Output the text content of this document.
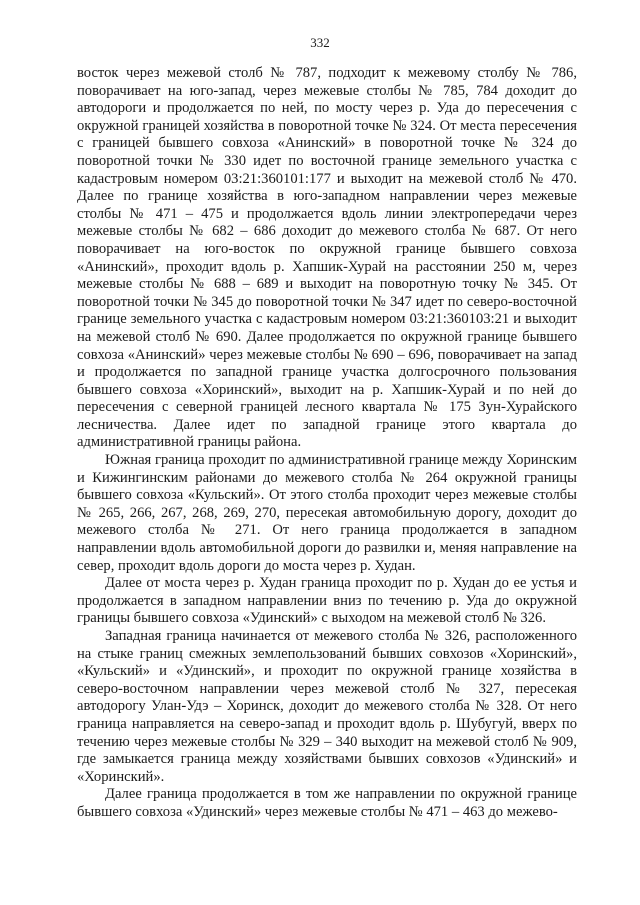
332

восток через межевой столб № 787, подходит к межевому столбу № 786, поворачивает на юго-запад, через межевые столбы № 785, 784 доходит до автодороги и продолжается по ней, по мосту через р. Уда до пересечения с окружной границей хозяйства в поворотной точке № 324. От места пересечения с границей бывшего совхоза «Анинский» в поворотной точке № 324 до поворотной точки № 330 идет по восточной границе земельного участка с кадастровым номером 03:21:360101:177 и выходит на межевой столб № 470. Далее по границе хозяйства в юго-западном направлении через межевые столбы № 471 – 475 и продолжается вдоль линии электропередачи через межевые столбы № 682 – 686 доходит до межевого столба № 687. От него поворачивает на юго-восток по окружной границе бывшего совхоза «Анинский», проходит вдоль р. Хапшик-Хурай на расстоянии 250 м, через межевые столбы № 688 – 689 и выходит на поворотную точку № 345. От поворотной точки № 345 до поворотной точки № 347 идет по северо-восточной границе земельного участка с кадастровым номером 03:21:360103:21 и выходит на межевой столб № 690. Далее продолжается по окружной границе бывшего совхоза «Анинский» через межевые столбы № 690 – 696, поворачивает на запад и продолжается по западной границе участка долгосрочного пользования бывшего совхоза «Хоринский», выходит на р. Хапшик-Хурай и по ней до пересечения с северной границей лесного квартала № 175 Зун-Хурайского лесничества. Далее идет по западной границе этого квартала до административной границы района.

Южная граница проходит по административной границе между Хоринским и Кижингинским районами до межевого столба № 264 окружной границы бывшего совхоза «Кульский». От этого столба проходит через межевые столбы № 265, 266, 267, 268, 269, 270, пересекая автомобильную дорогу, доходит до межевого столба № 271. От него граница продолжается в западном направлении вдоль автомобильной дороги до развилки и, меняя направление на север, проходит вдоль дороги до моста через р. Худан.

Далее от моста через р. Худан граница проходит по р. Худан до ее устья и продолжается в западном направлении вниз по течению р. Уда до окружной границы бывшего совхоза «Удинский» с выходом на межевой столб № 326.

Западная граница начинается от межевого столба № 326, расположенного на стыке границ смежных землепользований бывших совхозов «Хоринский», «Кульский» и «Удинский», и проходит по окружной границе хозяйства в северо-восточном направлении через межевой столб № 327, пересекая автодорогу Улан-Удэ – Хоринск, доходит до межевого столба № 328. От него граница направляется на северо-запад и проходит вдоль р. Шубугуй, вверх по течению через межевые столбы № 329 – 340 выходит на межевой столб № 909, где замыкается граница между хозяйствами бывших совхозов «Удинский» и «Хоринский».

Далее граница продолжается в том же направлении по окружной границе бывшего совхоза «Удинский» через межевые столбы № 471 – 463 до межево-
